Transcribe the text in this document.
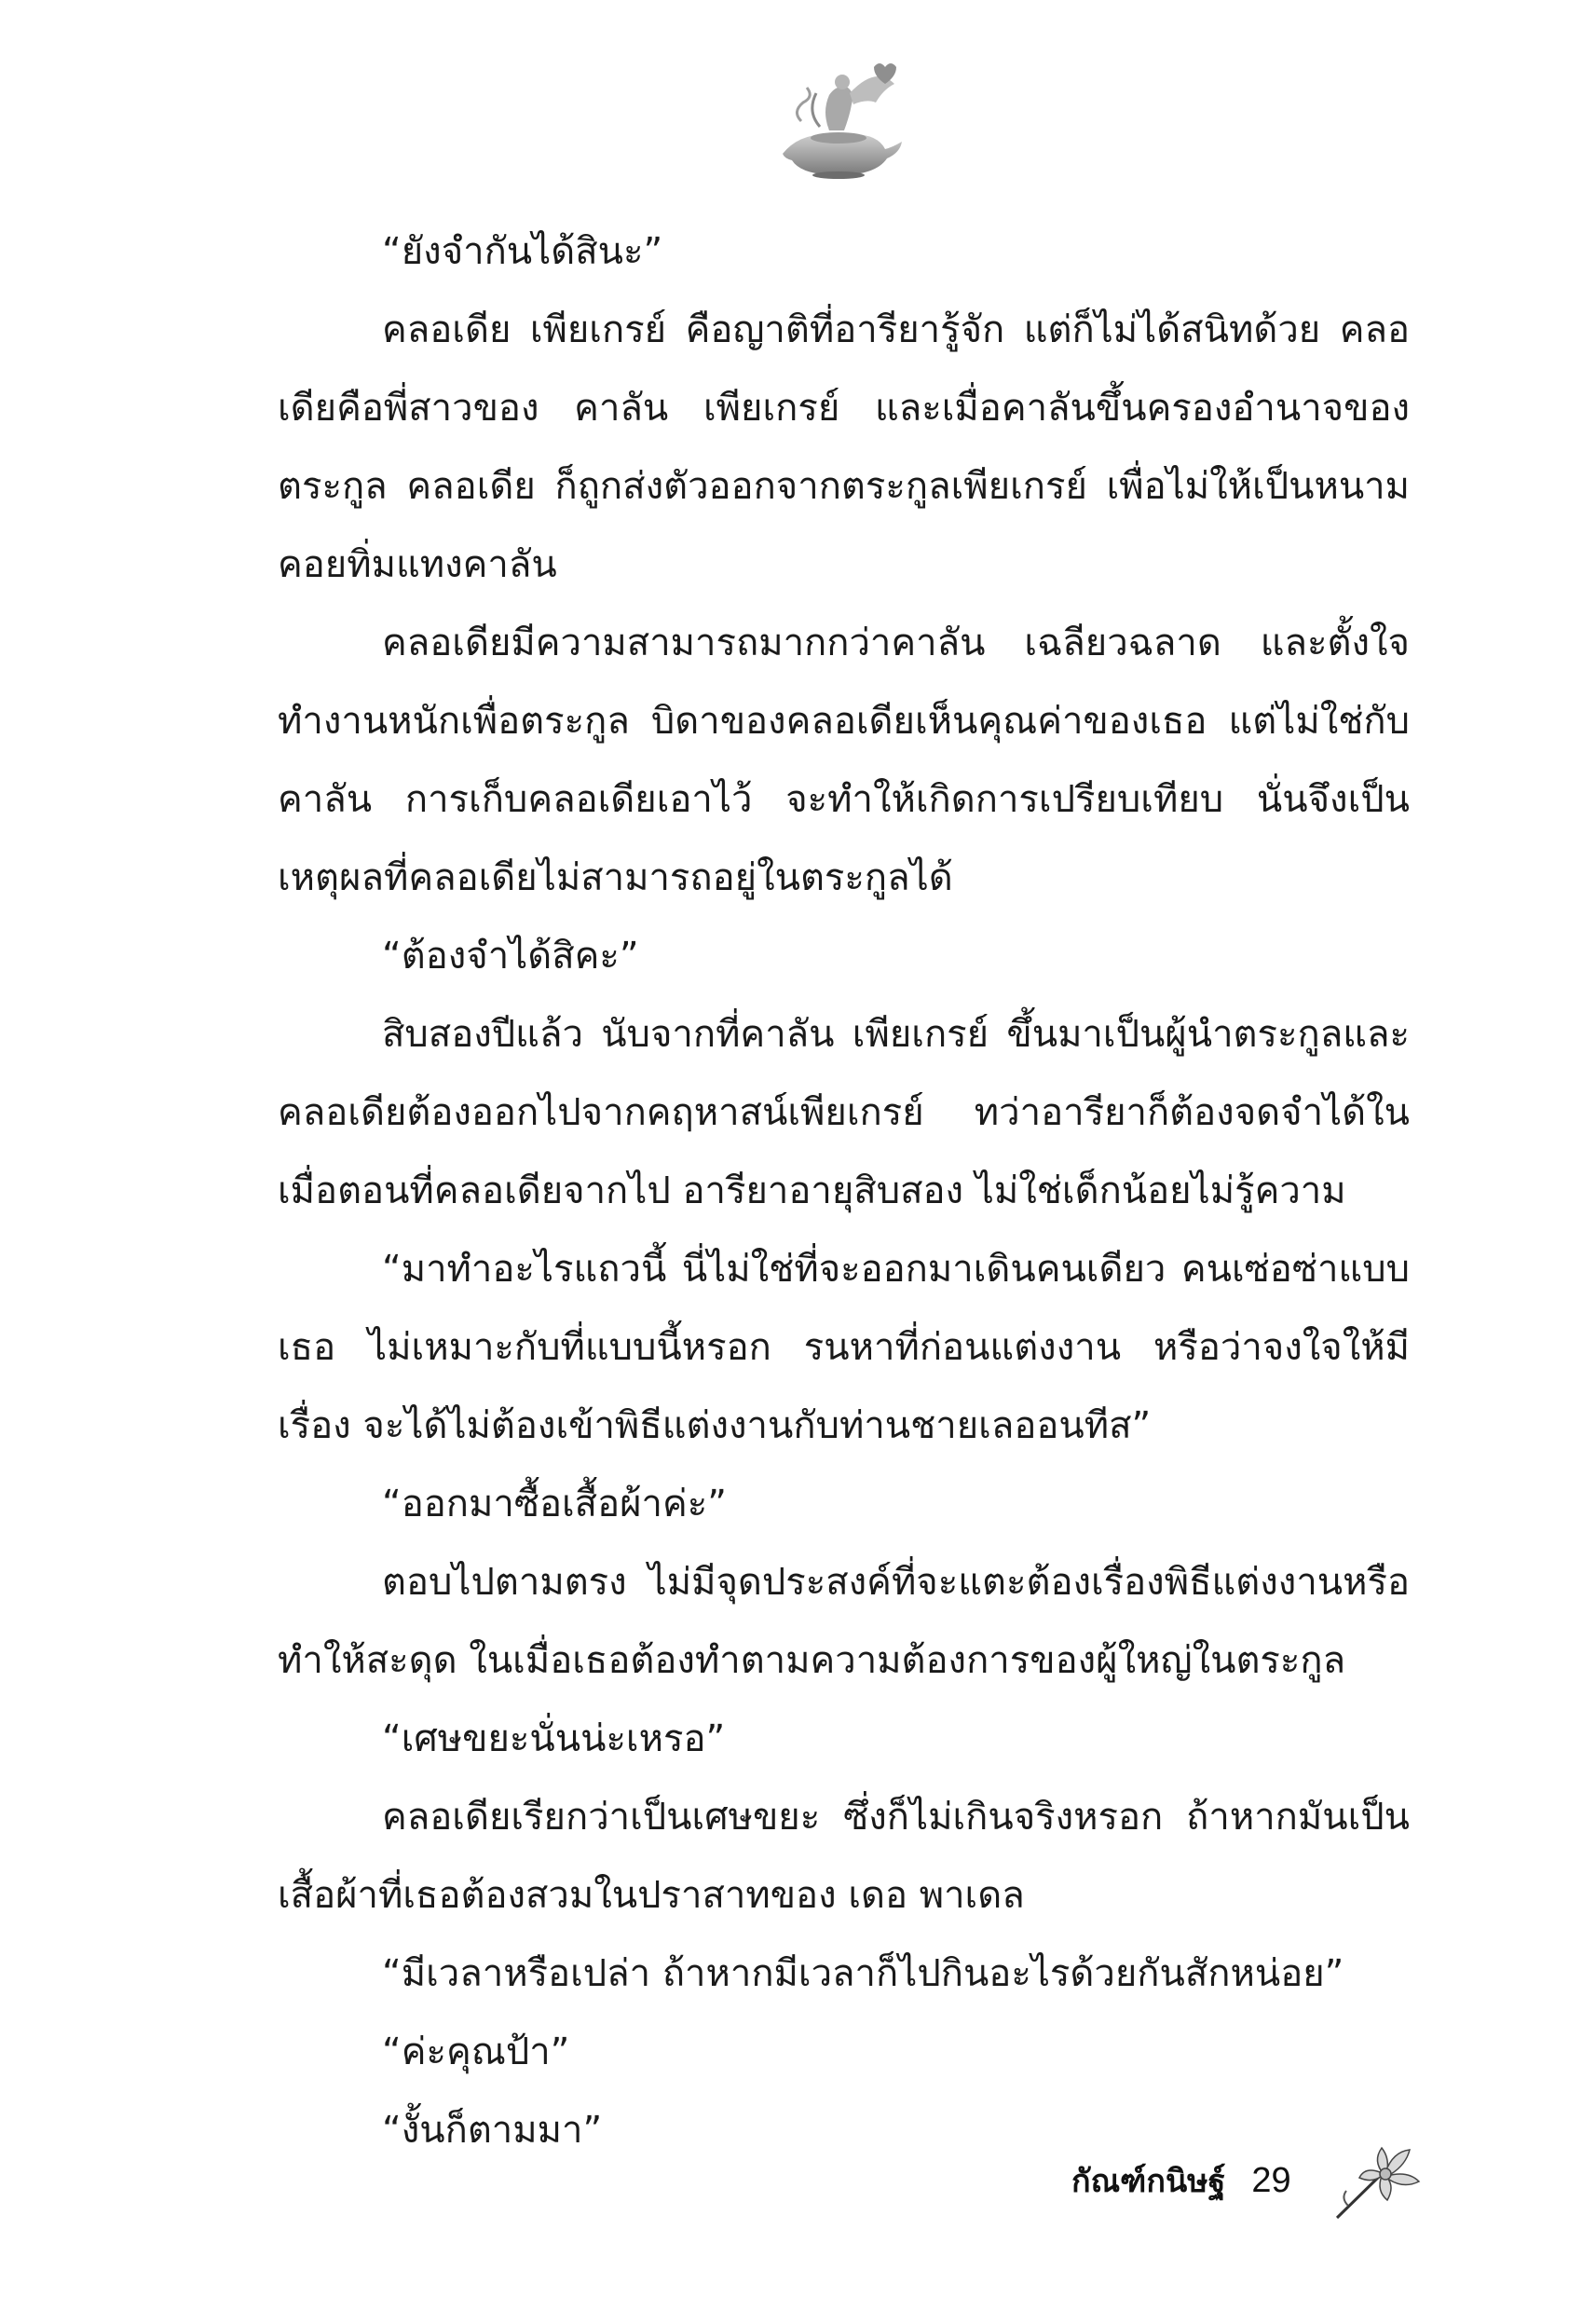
“ยังจำกันได้สินะ”

คลอเดีย เพียเกรย์ คือญาติที่อารียารู้จัก แต่ก็ไม่ได้สนิทด้วย คลอเดียคือพี่สาวของ คาลัน เพียเกรย์ และเมื่อคาลันขึ้นครองอำนาจของตระกูล คลอเดีย ก็ถูกส่งตัวออกจากตระกูลเพียเกรย์ เพื่อไม่ให้เป็นหนามคอยทิ่มแทงคาลัน

คลอเดียมีความสามารถมากกว่าคาลัน เฉลียวฉลาด และตั้งใจทำงานหนักเพื่อตระกูล บิดาของคลอเดียเห็นคุณค่าของเธอ แต่ไม่ใช่กับคาลัน การเก็บคลอเดียเอาไว้ จะทำให้เกิดการเปรียบเทียบ นั่นจึงเป็นเหตุผลที่คลอเดียไม่สามารถอยู่ในตระกูลได้

“ต้องจำได้สิคะ”

สิบสองปีแล้ว นับจากที่คาลัน เพียเกรย์ ขึ้นมาเป็นผู้นำตระกูลและคลอเดียต้องออกไปจากคฤหาสน์เพียเกรย์ ทว่าอารียาก็ต้องจดจำได้ในเมื่อตอนที่คลอเดียจากไป อารียาอายุสิบสอง ไม่ใช่เด็กน้อยไม่รู้ความ

“มาทำอะไรแถวนี้ นี่ไม่ใช่ที่จะออกมาเดินคนเดียว คนเซ่อซ่าแบบเธอ ไม่เหมาะกับที่แบบนี้หรอก รนหาที่ก่อนแต่งงาน หรือว่าจงใจให้มีเรื่อง จะได้ไม่ต้องเข้าพิธีแต่งงานกับท่านชายเลออนทีส”

“ออกมาซื้อเสื้อผ้าค่ะ”

ตอบไปตามตรง ไม่มีจุดประสงค์ที่จะแตะต้องเรื่องพิธีแต่งงานหรือทำให้สะดุด ในเมื่อเธอต้องทำตามความต้องการของผู้ใหญ่ในตระกูล

“เศษขยะนั่นน่ะเหรอ”

คลอเดียเรียกว่าเป็นเศษขยะ ซึ่งก็ไม่เกินจริงหรอก ถ้าหากมันเป็นเสื้อผ้าที่เธอต้องสวมในปราสาทของ เดอ พาเดล

“มีเวลาหรือเปล่า ถ้าหากมีเวลาก็ไปกินอะไรด้วยกันสักหน่อย”

“ค่ะคุณป้า”

“งั้นก็ตามมา”

กัณฑ์กนิษฐ์ 29
